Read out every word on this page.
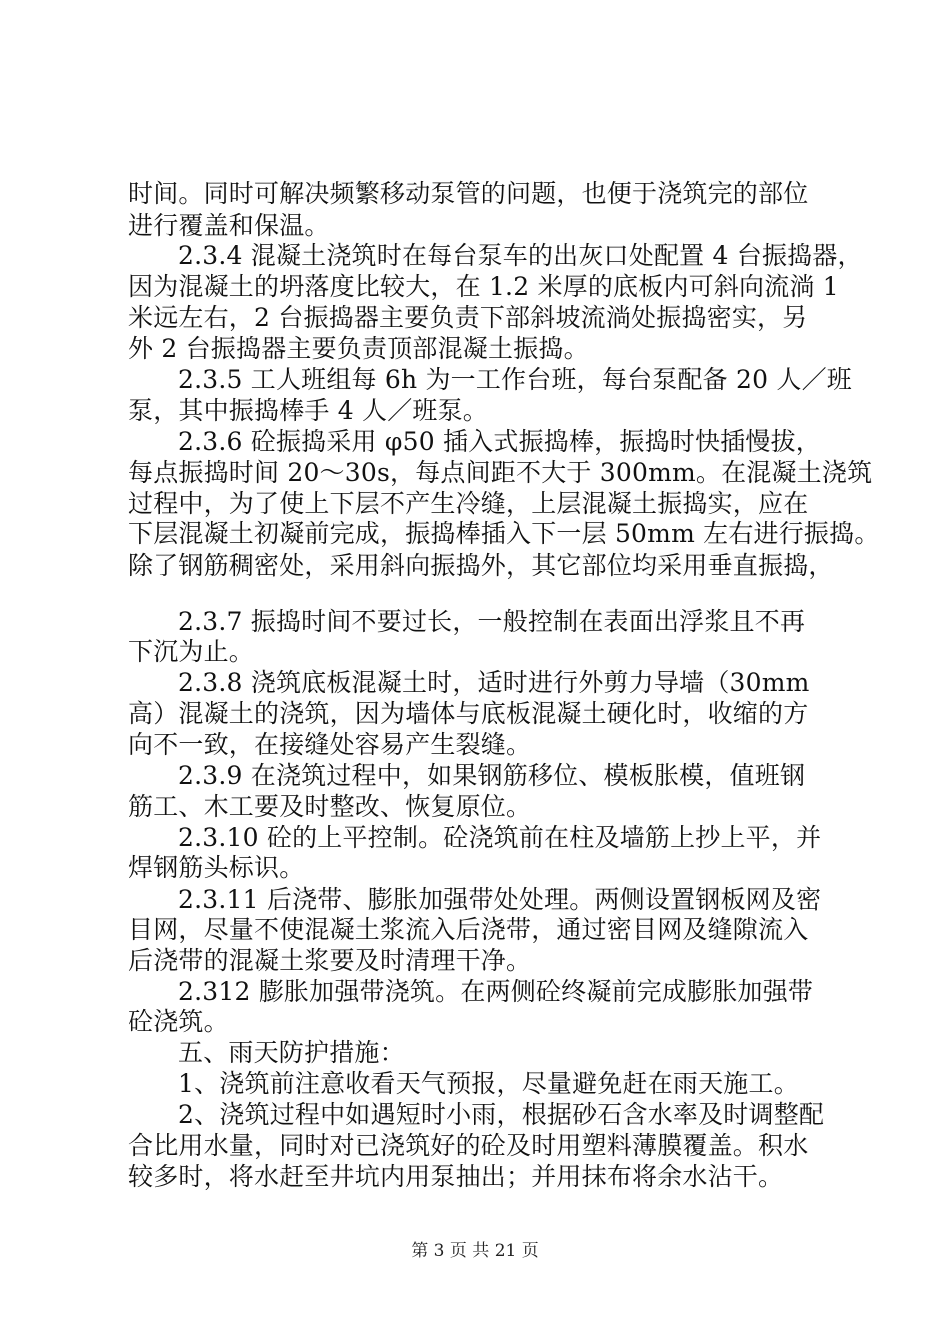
时间。同时可解决频繁移动泵管的问题，也便于浇筑完的部位
进行覆盖和保温。
2.3.4 混凝土浇筑时在每台泵车的出灰口处配置 4 台振捣器，
因为混凝土的坍落度比较大，在 1.2 米厚的底板内可斜向流淌 1
米远左右，2 台振捣器主要负责下部斜坡流淌处振捣密实，另
外 2 台振捣器主要负责顶部混凝土振捣。
2.3.5 工人班组每 6h 为一工作台班，每台泵配备 20 人／班
泵，其中振捣棒手 4 人／班泵。
2.3.6 砼振捣采用 φ50 插入式振捣棒，振捣时快插慢拔，
每点振捣时间 20～30s，每点间距不大于 300mm。在混凝土浇筑
过程中，为了使上下层不产生冷缝，上层混凝土振捣实，应在
下层混凝土初凝前完成，振捣棒插入下一层 50mm 左右进行振捣。
除了钢筋稠密处，采用斜向振捣外，其它部位均采用垂直振捣，
2.3.7 振捣时间不要过长，一般控制在表面出浮浆且不再
下沉为止。
2.3.8 浇筑底板混凝土时，适时进行外剪力导墙（30mm
高）混凝土的浇筑，因为墙体与底板混凝土硬化时，收缩的方
向不一致，在接缝处容易产生裂缝。
2.3.9 在浇筑过程中，如果钢筋移位、模板胀模，值班钢
筋工、木工要及时整改、恢复原位。
2.3.10 砼的上平控制。砼浇筑前在柱及墙筋上抄上平，并
焊钢筋头标识。
2.3.11 后浇带、膨胀加强带处处理。两侧设置钢板网及密
目网，尽量不使混凝土浆流入后浇带，通过密目网及缝隙流入
后浇带的混凝土浆要及时清理干净。
2.312 膨胀加强带浇筑。在两侧砼终凝前完成膨胀加强带
砼浇筑。
五、雨天防护措施：
1、浇筑前注意收看天气预报，尽量避免赶在雨天施工。
2、浇筑过程中如遇短时小雨，根据砂石含水率及时调整配
合比用水量，同时对已浇筑好的砼及时用塑料薄膜覆盖。积水
较多时，将水赶至井坑内用泵抽出；并用抹布将余水沾干。
第 3 页 共 21 页
